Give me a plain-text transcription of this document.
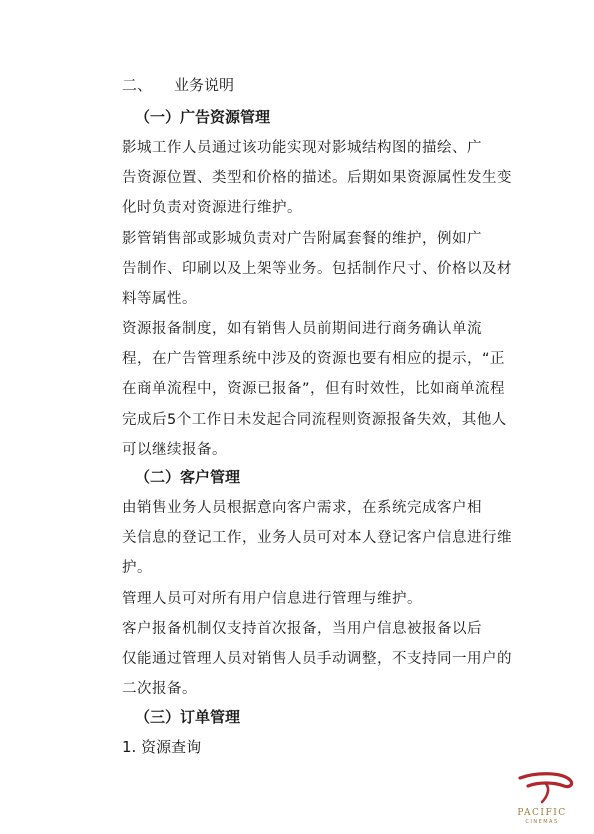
二、 业务说明
（一）广告资源管理
影城工作人员通过该功能实现对影城结构图的描绘、广
告资源位置、类型和价格的描述。后期如果资源属性发生变
化时负责对资源进行维护。
影管销售部或影城负责对广告附属套餐的维护，例如广
告制作、印刷以及上架等业务。包括制作尺寸、价格以及材
料等属性。
资源报备制度，如有销售人员前期间进行商务确认单流
程，在广告管理系统中涉及的资源也要有相应的提示，“正
在商单流程中，资源已报备”，但有时效性，比如商单流程
完成后5个工作日未发起合同流程则资源报备失效，其他人
可以继续报备。
（二）客户管理
由销售业务人员根据意向客户需求，在系统完成客户相
关信息的登记工作，业务人员可对本人登记客户信息进行维
护。
管理人员可对所有用户信息进行管理与维护。
客户报备机制仅支持首次报备，当用户信息被报备以后
仅能通过管理人员对销售人员手动调整，不支持同一用户的
二次报备。
（三）订单管理
1. 资源查询
PACIFIC
CINEMAS
